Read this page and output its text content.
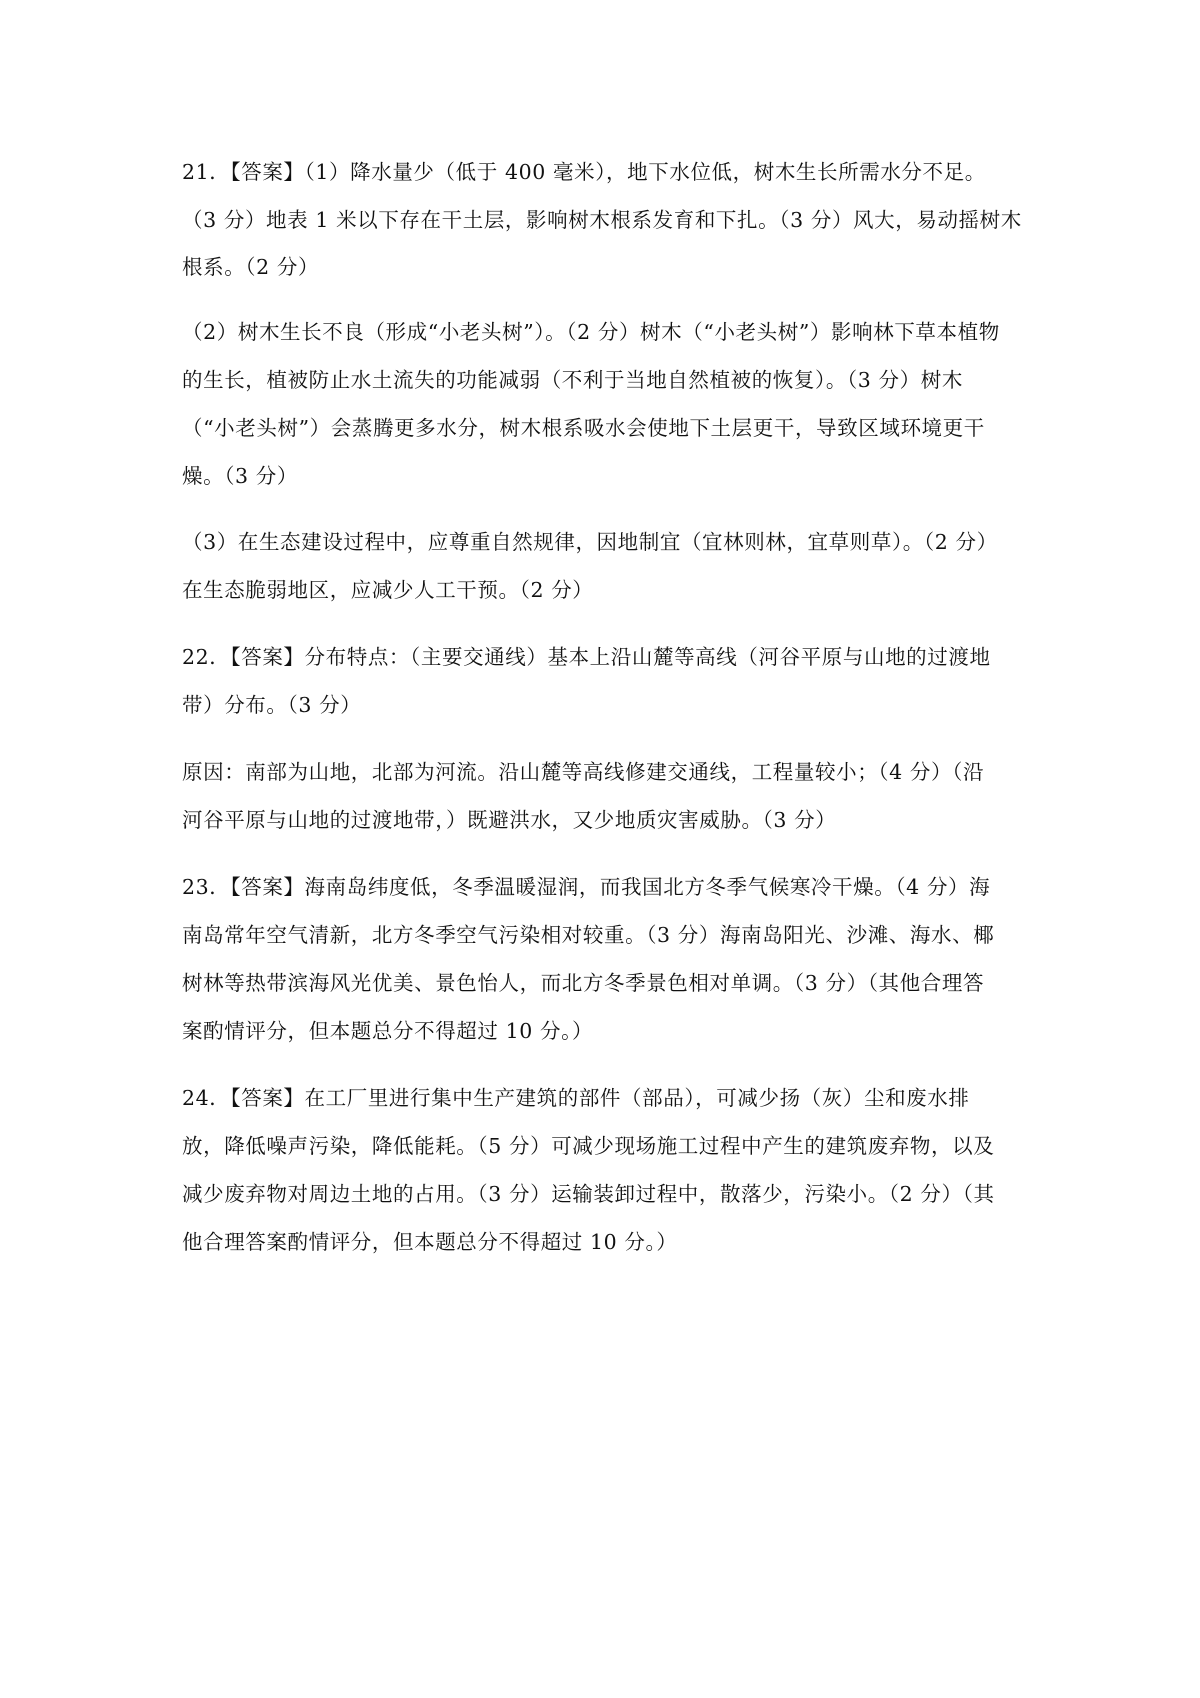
21．【答案】（1）降水量少（低于 400 毫米），地下水位低，树木生长所需水分不足。
（3 分）地表 1 米以下存在干土层，影响树木根系发育和下扎。（3 分）风大，易动摇树木
根系。（2 分）
（2）树木生长不良（形成“小老头树”）。（2 分）树木（“小老头树”）影响林下草本植物
的生长，植被防止水土流失的功能减弱（不利于当地自然植被的恢复）。（3 分）树木
（“小老头树”）会蒸腾更多水分，树木根系吸水会使地下土层更干，导致区域环境更干
燥。（3 分）
（3）在生态建设过程中，应尊重自然规律，因地制宜（宜林则林，宜草则草）。（2 分）
在生态脆弱地区，应减少人工干预。（2 分）
22．【答案】分布特点：（主要交通线）基本上沿山麓等高线（河谷平原与山地的过渡地
带）分布。（3 分）
原因：南部为山地，北部为河流。沿山麓等高线修建交通线，工程量较小；（4 分）（沿
河谷平原与山地的过渡地带，）既避洪水，又少地质灾害威胁。（3 分）
23．【答案】海南岛纬度低，冬季温暖湿润，而我国北方冬季气候寒冷干燥。（4 分）海
南岛常年空气清新，北方冬季空气污染相对较重。（3 分）海南岛阳光、沙滩、海水、椰
树林等热带滨海风光优美、景色怡人，而北方冬季景色相对单调。（3 分）（其他合理答
案酌情评分，但本题总分不得超过 10 分。）
24．【答案】在工厂里进行集中生产建筑的部件（部品），可减少扬（灰）尘和废水排
放，降低噪声污染，降低能耗。（5 分）可减少现场施工过程中产生的建筑废弃物，以及
减少废弃物对周边土地的占用。（3 分）运输装卸过程中，散落少，污染小。（2 分）（其
他合理答案酌情评分，但本题总分不得超过 10 分。）
